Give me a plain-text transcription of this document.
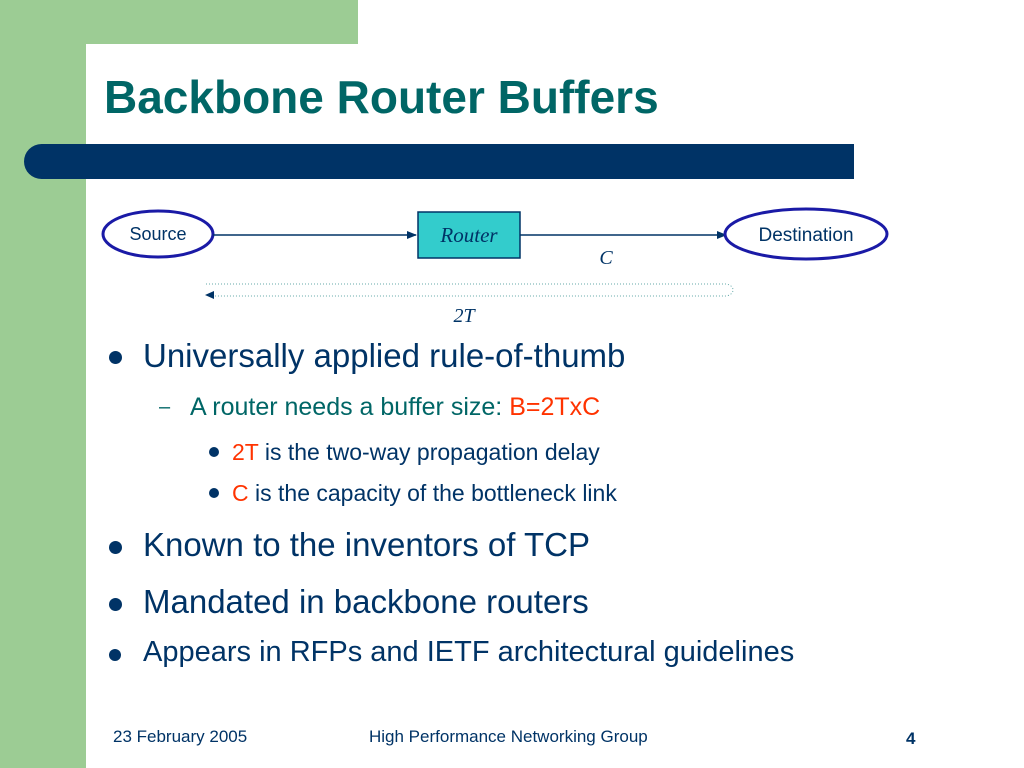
Backbone Router Buffers
Source	Router	Destination
C
2T
Universally applied rule-of-thumb
– A router needs a buffer size: B=2TxC
2T is the two-way propagation delay
C is the capacity of the bottleneck link
Known to the inventors of TCP
Mandated in backbone routers
Appears in RFPs and IETF architectural guidelines
23 February 2005	High Performance Networking Group	4
